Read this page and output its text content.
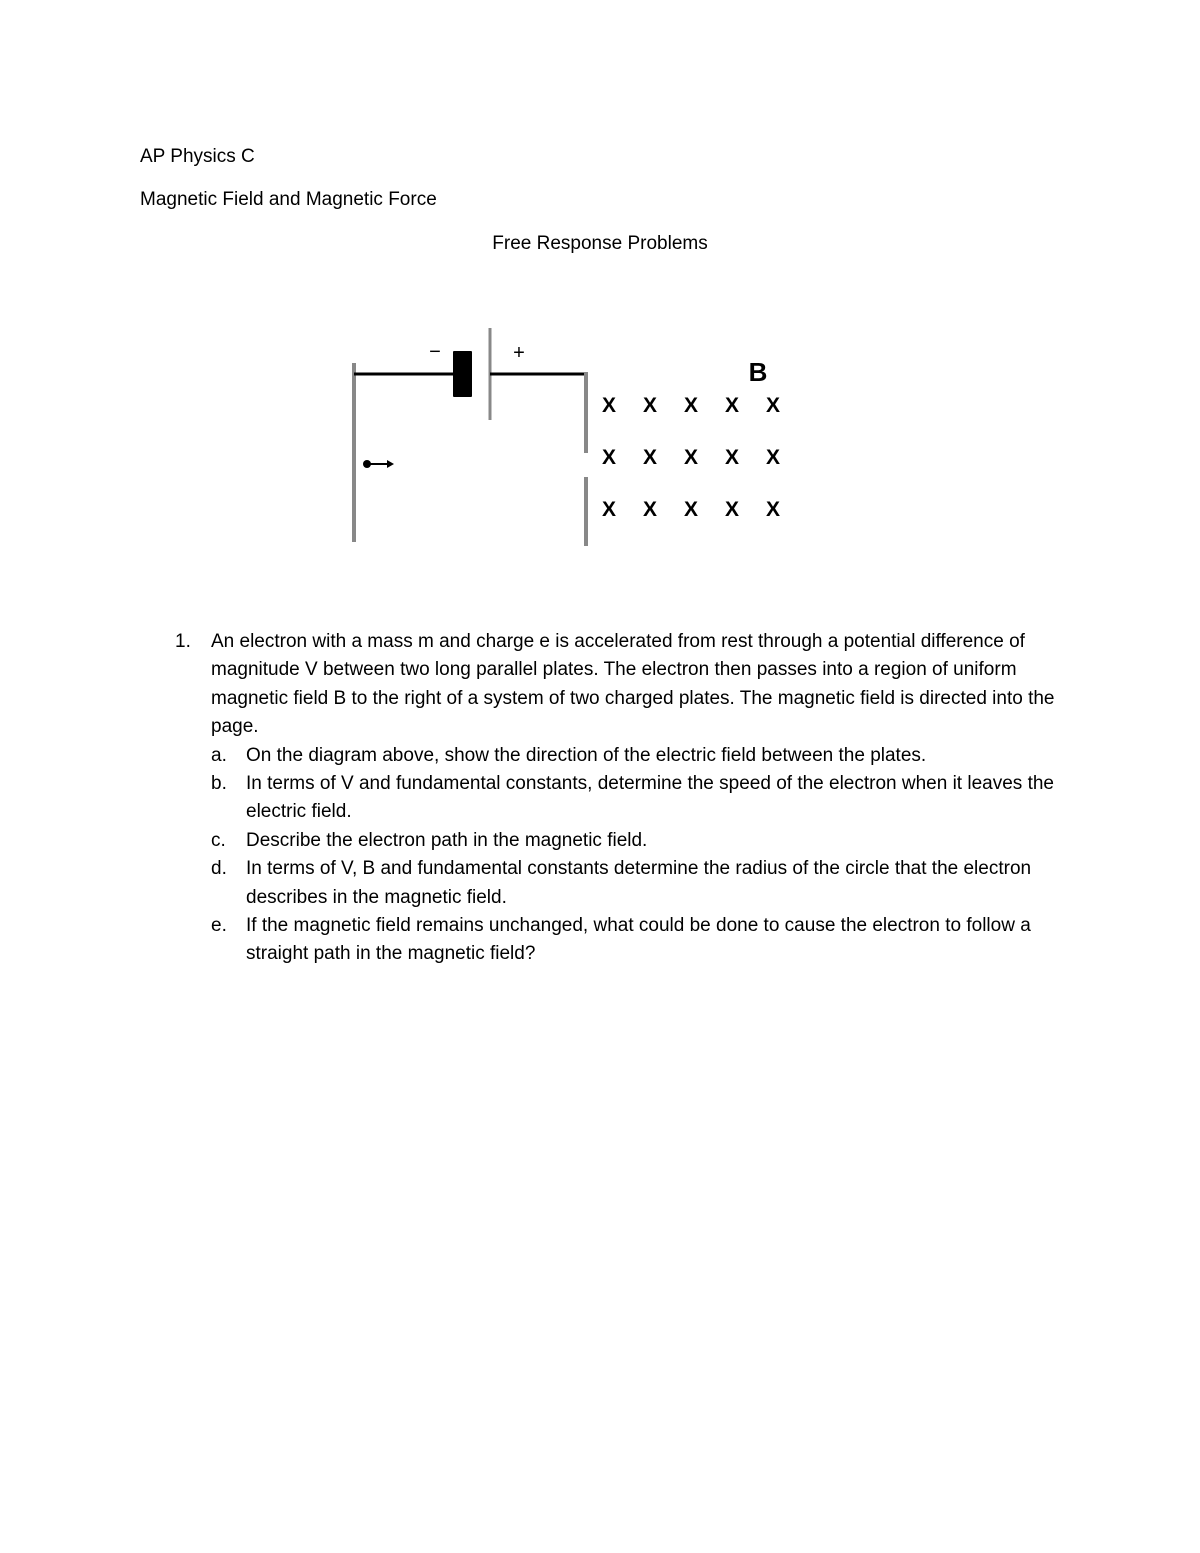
AP Physics C
Magnetic Field and Magnetic Force
Free Response Problems
−	+
B
X X X X X
X X X X X
X X X X X
1.	An electron with a mass m and charge e is accelerated from rest through a potential difference of magnitude V between two long parallel plates. The electron then passes into a region of uniform magnetic field B to the right of a system of two charged plates. The magnetic field is directed into the page.
a.	On the diagram above, show the direction of the electric field between the plates.
b.	In terms of V and fundamental constants, determine the speed of the electron when it leaves the electric field.
c.	Describe the electron path in the magnetic field.
d.	In terms of V, B and fundamental constants determine the radius of the circle that the electron describes in the magnetic field.
e.	If the magnetic field remains unchanged, what could be done to cause the electron to follow a straight path in the magnetic field?
